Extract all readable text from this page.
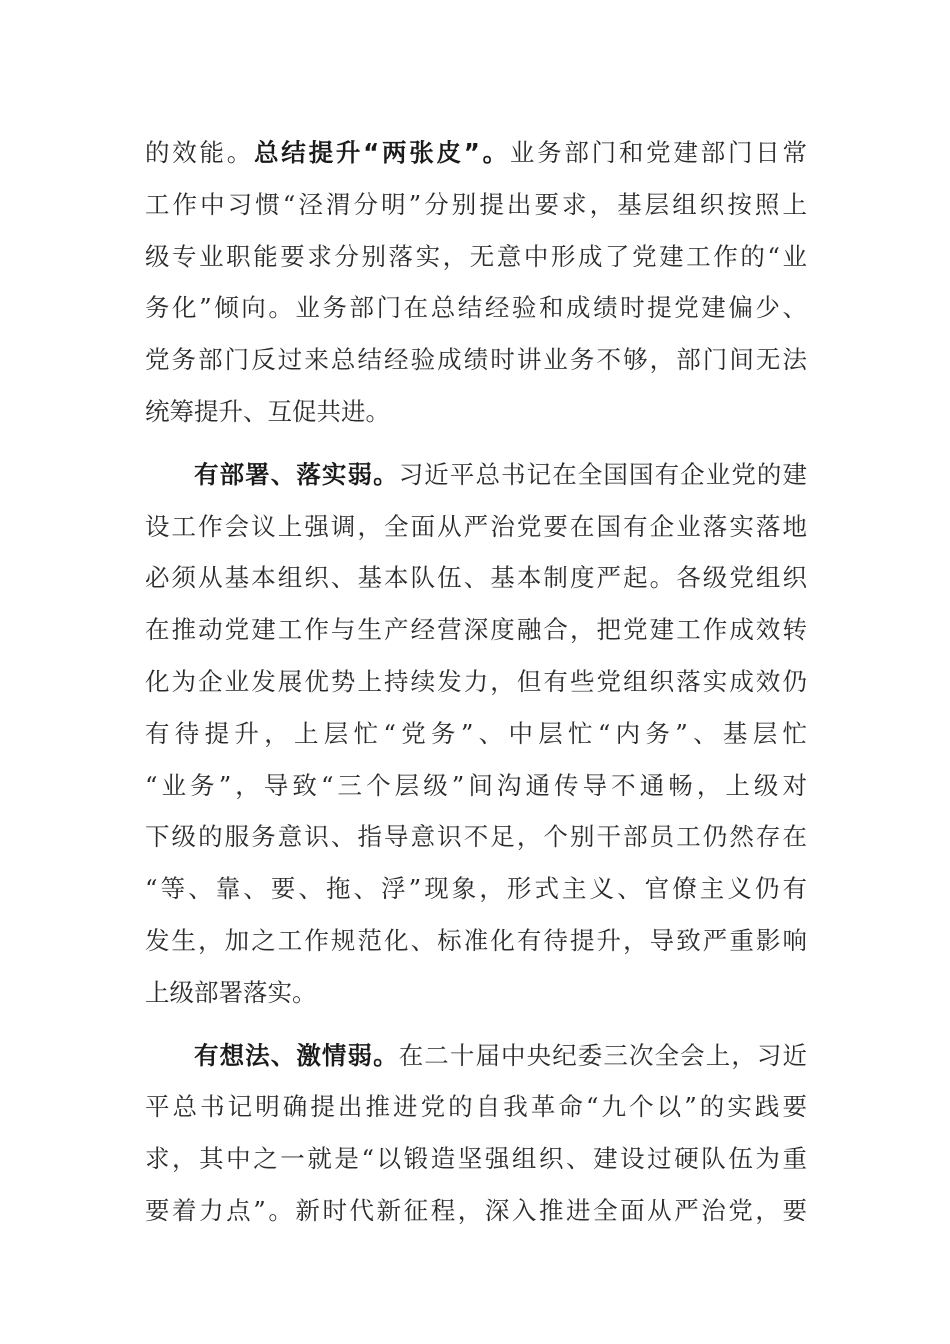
的效能。总结提升“两张皮”。业务部门和党建部门日常
工作中习惯“泾渭分明”分别提出要求，基层组织按照上
级专业职能要求分别落实，无意中形成了党建工作的“业
务化”倾向。业务部门在总结经验和成绩时提党建偏少、
党务部门反过来总结经验成绩时讲业务不够，部门间无法
统筹提升、互促共进。

有部署、落实弱。习近平总书记在全国国有企业党的建
设工作会议上强调，全面从严治党要在国有企业落实落地
必须从基本组织、基本队伍、基本制度严起。各级党组织
在推动党建工作与生产经营深度融合，把党建工作成效转
化为企业发展优势上持续发力，但有些党组织落实成效仍
有待提升，上层忙“党务”、中层忙“内务”、基层忙
“业务”，导致“三个层级”间沟通传导不通畅，上级对
下级的服务意识、指导意识不足，个别干部员工仍然存在
“等、靠、要、拖、浮”现象，形式主义、官僚主义仍有
发生，加之工作规范化、标准化有待提升，导致严重影响
上级部署落实。

有想法、激情弱。在二十届中央纪委三次全会上，习近
平总书记明确提出推进党的自我革命“九个以”的实践要
求，其中之一就是“以锻造坚强组织、建设过硬队伍为重
要着力点”。新时代新征程，深入推进全面从严治党，要
